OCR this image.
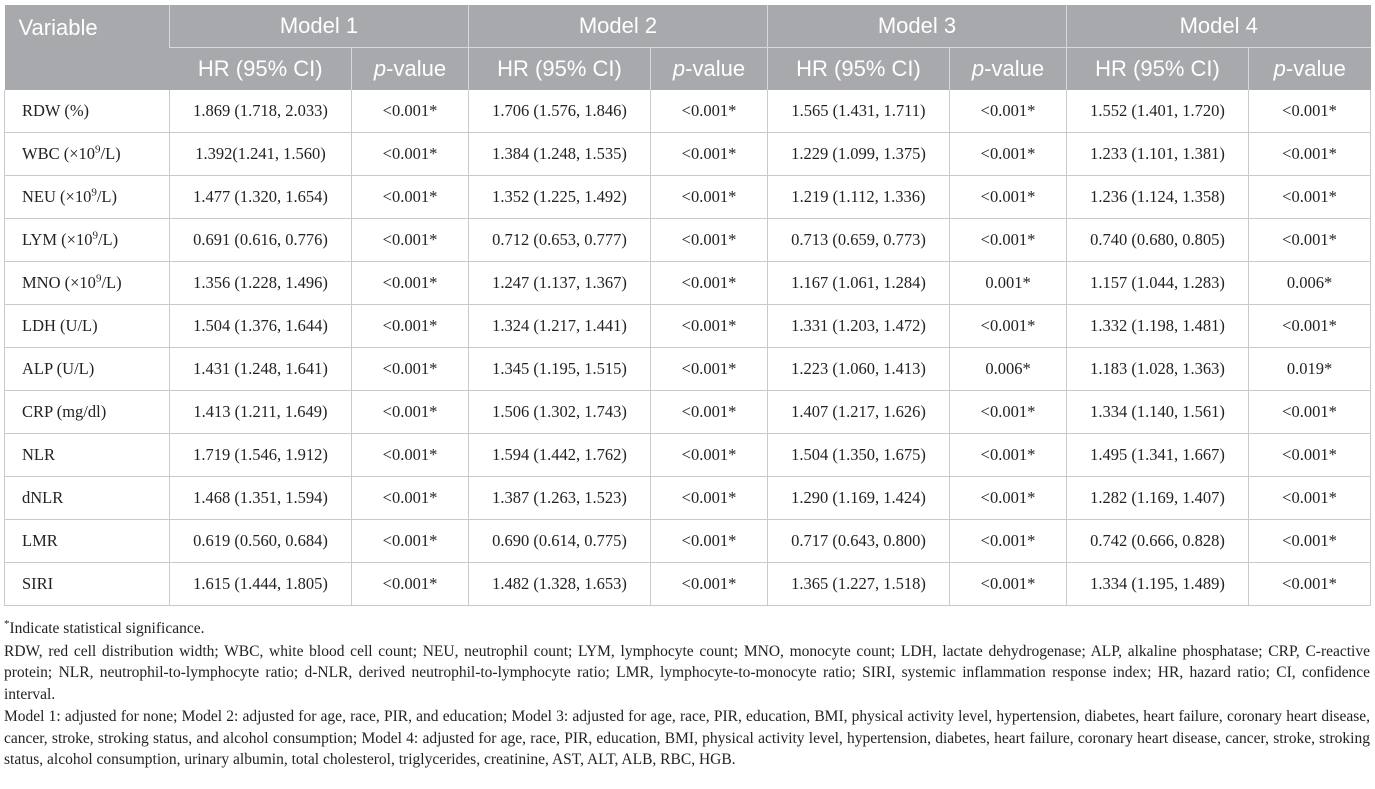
Variable	Model 1		Model 2		Model 3		Model 4	
	HR (95% CI)	p-value	HR (95% CI)	p-value	HR (95% CI)	p-value	HR (95% CI)	p-value
RDW (%)	1.869 (1.718, 2.033)	<0.001*	1.706 (1.576, 1.846)	<0.001*	1.565 (1.431, 1.711)	<0.001*	1.552 (1.401, 1.720)	<0.001*
WBC $(\times 10^9/L)$	1.392(1.241, 1.560)	<0.001*	1.384 (1.248, 1.535)	<0.001*	1.229 (1.099, 1.375)	<0.001*	1.233 (1.101, 1.381)	<0.001*
NEU $(\times 10^9/L)$	1.477 (1.320, 1.654)	<0.001*	1.352 (1.225, 1.492)	<0.001*	1.219 (1.112, 1.336)	<0.001*	1.236 (1.124, 1.358)	<0.001*
LYM $(\times 10^9/L)$	0.691 (0.616, 0.776)	<0.001*	0.712 (0.653, 0.777)	<0.001*	0.713 (0.659, 0.773)	<0.001*	0.740 (0.680, 0.805)	<0.001*
MNO $(\times 10^9/L)$	1.356 (1.228, 1.496)	<0.001*	1.247 (1.137, 1.367)	<0.001*	1.167 (1.061, 1.284)	0.001*	1.157 (1.044, 1.283)	0.006*
LDH (U/L)	1.504 (1.376, 1.644)	<0.001*	1.324 (1.217, 1.441)	<0.001*	1.331 (1.203, 1.472)	<0.001*	1.332 (1.198, 1.481)	<0.001*
ALP (U/L)	1.431 (1.248, 1.641)	<0.001*	1.345 (1.195, 1.515)	<0.001*	1.223 (1.060, 1.413)	0.006*	1.183 (1.028, 1.363)	0.019*
CRP (mg/dl)	1.413 (1.211, 1.649)	<0.001*	1.506 (1.302, 1.743)	<0.001*	1.407 (1.217, 1.626)	<0.001*	1.334 (1.140, 1.561)	<0.001*
NLR	1.719 (1.546, 1.912)	<0.001*	1.594 (1.442, 1.762)	<0.001*	1.504 (1.350, 1.675)	<0.001*	1.495 (1.341, 1.667)	<0.001*
dNLR	1.468 (1.351, 1.594)	<0.001*	1.387 (1.263, 1.523)	<0.001*	1.290 (1.169, 1.424)	<0.001*	1.282 (1.169, 1.407)	<0.001*
LMR	0.619 (0.560, 0.684)	<0.001*	0.690 (0.614, 0.775)	<0.001*	0.717 (0.643, 0.800)	<0.001*	0.742 (0.666, 0.828)	<0.001*
SIRI	1.615 (1.444, 1.805)	<0.001*	1.482 (1.328, 1.653)	<0.001*	1.365 (1.227, 1.518)	<0.001*	1.334 (1.195, 1.489)	<0.001*

*Indicate statistical significance.

RDW, red cell distribution width; WBC, white blood cell count; NEU, neutrophil count; LYM, lymphocyte count; MNO, monocyte count; LDH, lactate dehydrogenase; ALP, alkaline phosphatase; CRP, C-reactive protein; NLR, neutrophil-to-lymphocyte ratio; d-NLR, derived neutrophil-to-lymphocyte ratio; LMR, lymphocyte-to-monocyte ratio; SIRI, systemic inflammation response index; HR, hazard ratio; CI, confidence interval.

Model 1: adjusted for none; Model 2: adjusted for age, race, PIR, and education; Model 3: adjusted for age, race, PIR, education, BMI, physical activity level, hypertension, diabetes, heart failure, coronary heart disease, cancer, stroke, stroking status, and alcohol consumption; Model 4: adjusted for age, race, PIR, education, BMI, physical activity level, hypertension, diabetes, heart failure, coronary heart disease, cancer, stroke, stroking status, alcohol consumption, urinary albumin, total cholesterol, triglycerides, creatinine, AST, ALT, ALB, RBC, HGB.
